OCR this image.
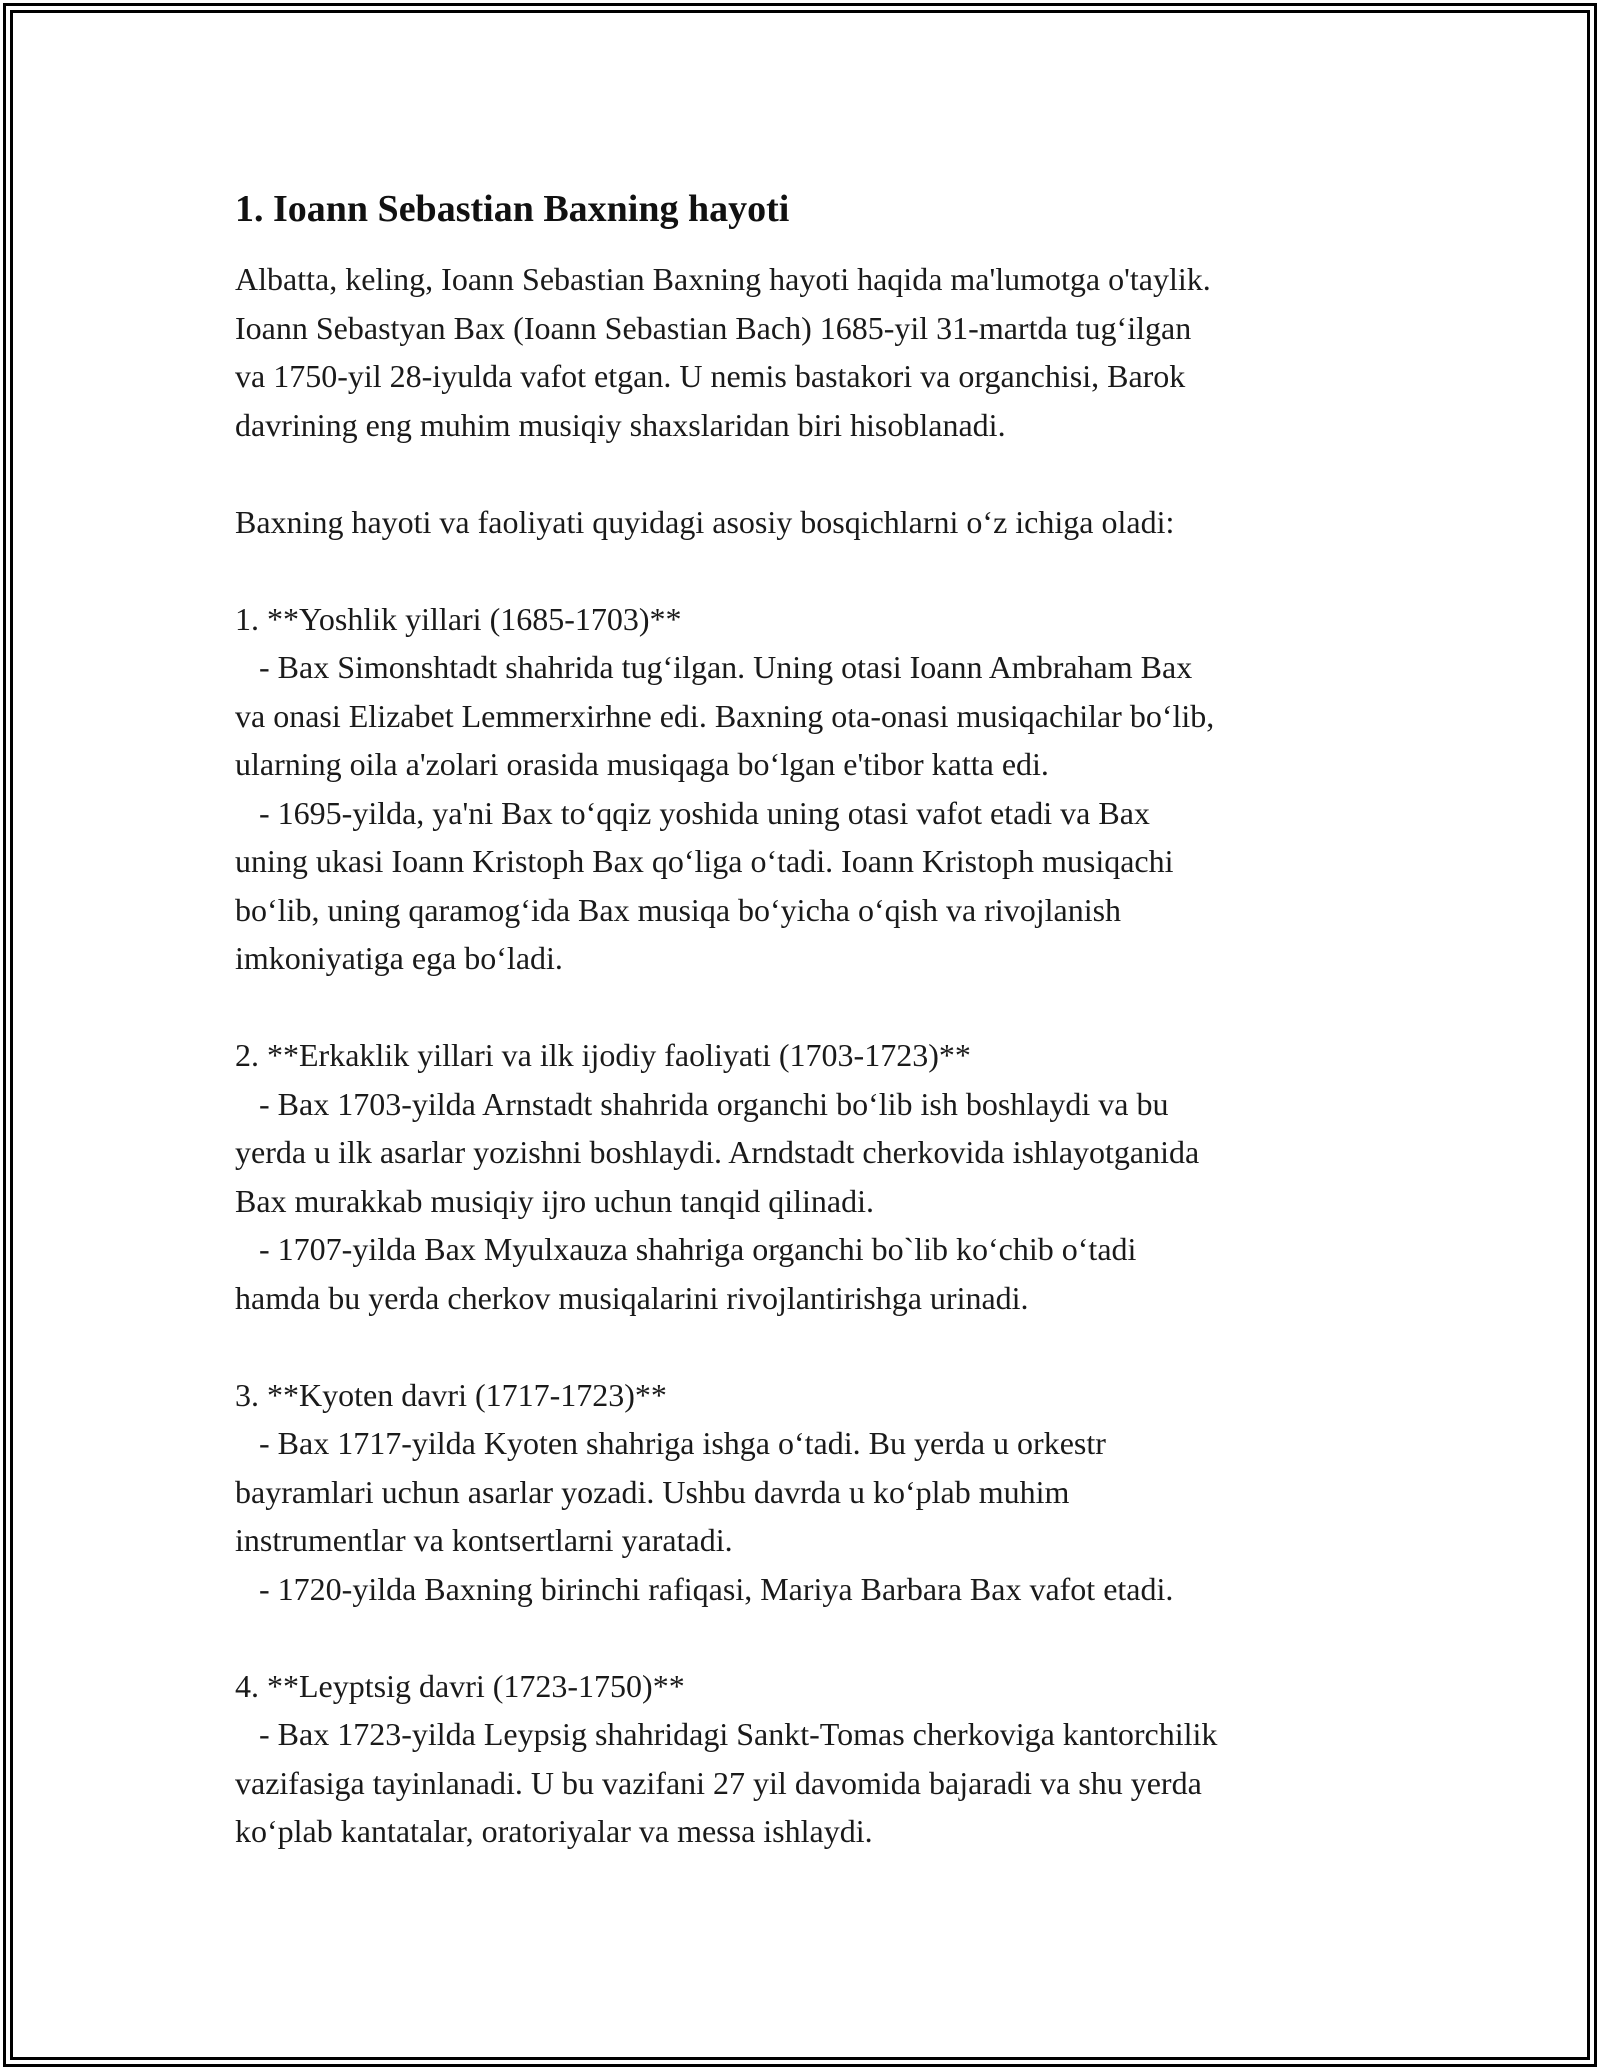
1. Ioann Sebastian Baxning hayoti

Albatta, keling, Ioann Sebastian Baxning hayoti haqida ma'lumotga o'taylik.
Ioann Sebastyan Bax (Ioann Sebastian Bach) 1685-yil 31-martda tug‘ilgan
va 1750-yil 28-iyulda vafot etgan. U nemis bastakori va organchisi, Barok
davrining eng muhim musiqiy shaxslaridan biri hisoblanadi.

Baxning hayoti va faoliyati quyidagi asosiy bosqichlarni o‘z ichiga oladi:

1. **Yoshlik yillari (1685-1703)**
- Bax Simonshtadt shahrida tug‘ilgan. Uning otasi Ioann Ambraham Bax
va onasi Elizabet Lemmerxirhne edi. Baxning ota-onasi musiqachilar bo‘lib,
ularning oila a'zolari orasida musiqaga bo‘lgan e'tibor katta edi.
- 1695-yilda, ya'ni Bax to‘qqiz yoshida uning otasi vafot etadi va Bax
uning ukasi Ioann Kristoph Bax qo‘liga o‘tadi. Ioann Kristoph musiqachi
bo‘lib, uning qaramog‘ida Bax musiqa bo‘yicha o‘qish va rivojlanish
imkoniyatiga ega bo‘ladi.

2. **Erkaklik yillari va ilk ijodiy faoliyati (1703-1723)**
- Bax 1703-yilda Arnstadt shahrida organchi bo‘lib ish boshlaydi va bu
yerda u ilk asarlar yozishni boshlaydi. Arndstadt cherkovida ishlayotganida
Bax murakkab musiqiy ijro uchun tanqid qilinadi.
- 1707-yilda Bax Myulxauza shahriga organchi bo`lib ko‘chib o‘tadi
hamda bu yerda cherkov musiqalarini rivojlantirishga urinadi.

3. **Kyoten davri (1717-1723)**
- Bax 1717-yilda Kyoten shahriga ishga o‘tadi. Bu yerda u orkestr
bayramlari uchun asarlar yozadi. Ushbu davrda u ko‘plab muhim
instrumentlar va kontsertlarni yaratadi.
- 1720-yilda Baxning birinchi rafiqasi, Mariya Barbara Bax vafot etadi.

4. **Leyptsig davri (1723-1750)**
- Bax 1723-yilda Leypsig shahridagi Sankt-Tomas cherkoviga kantorchilik
vazifasiga tayinlanadi. U bu vazifani 27 yil davomida bajaradi va shu yerda
ko‘plab kantatalar, oratoriyalar va messa ishlaydi.
